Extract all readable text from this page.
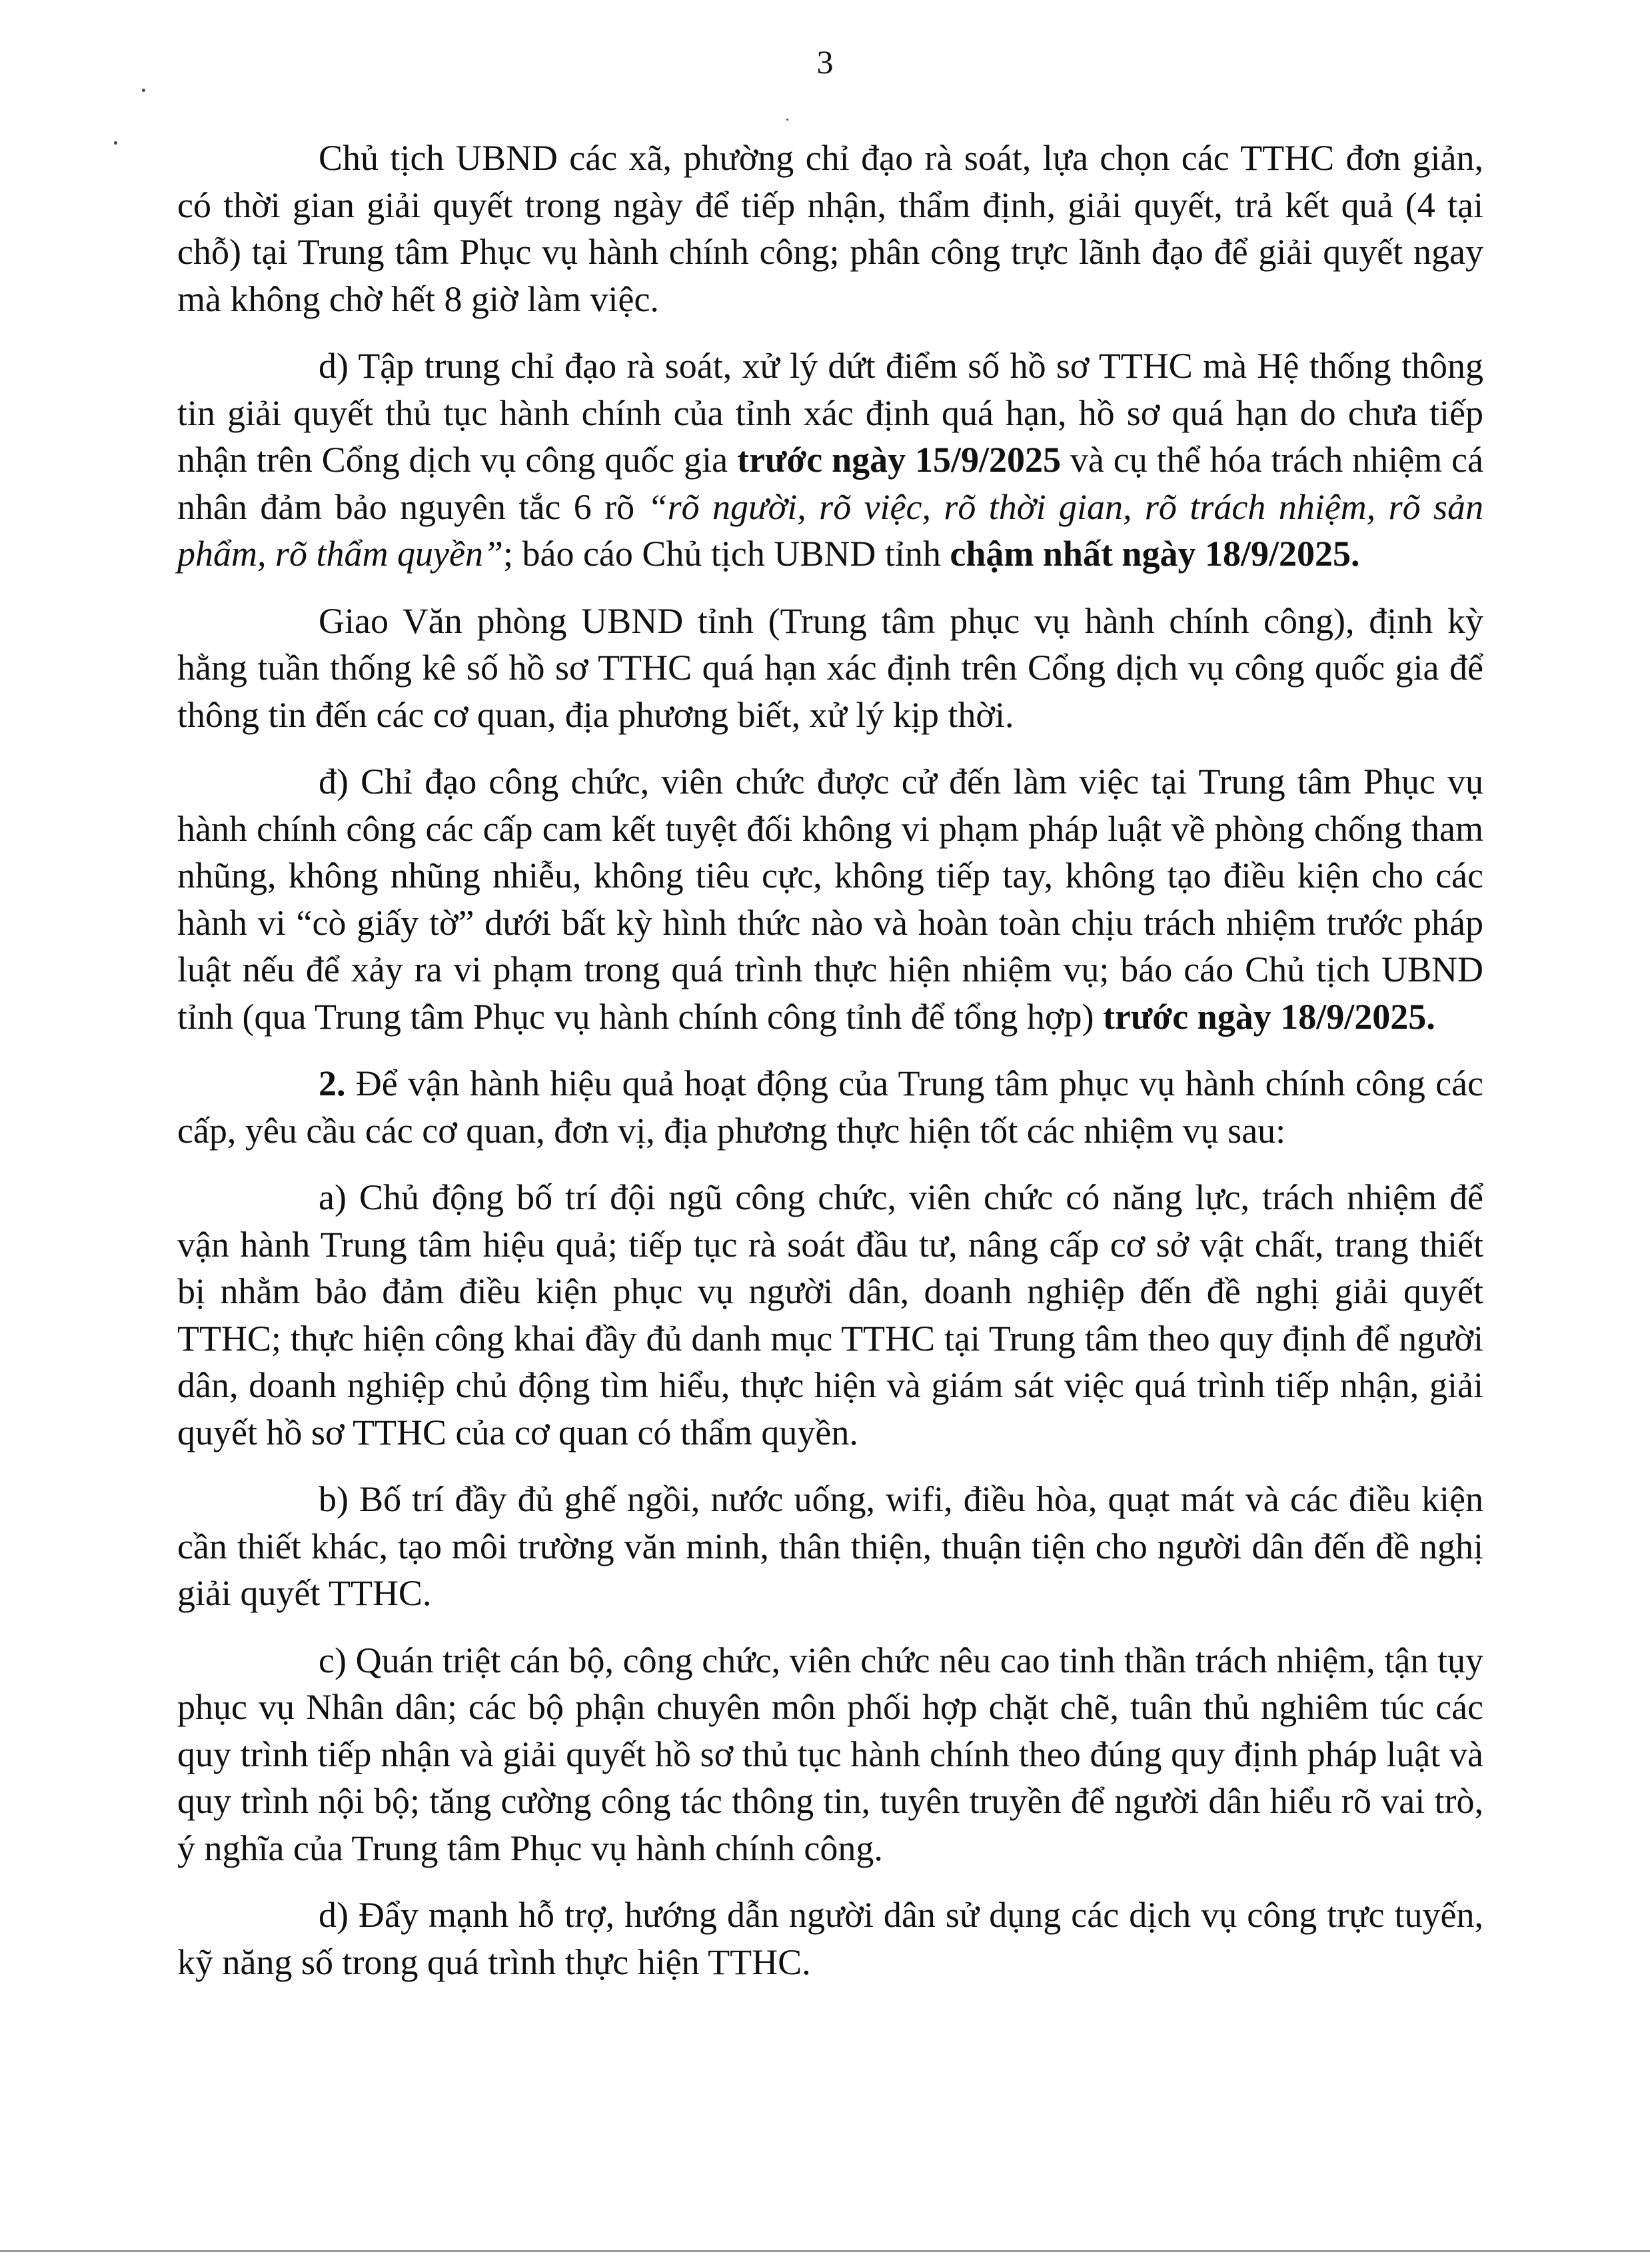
3

Chủ tịch UBND các xã, phường chỉ đạo rà soát, lựa chọn các TTHC đơn giản, có thời gian giải quyết trong ngày để tiếp nhận, thẩm định, giải quyết, trả kết quả (4 tại chỗ) tại Trung tâm Phục vụ hành chính công; phân công trực lãnh đạo để giải quyết ngay mà không chờ hết 8 giờ làm việc.

d) Tập trung chỉ đạo rà soát, xử lý dứt điểm số hồ sơ TTHC mà Hệ thống thông tin giải quyết thủ tục hành chính của tỉnh xác định quá hạn, hồ sơ quá hạn do chưa tiếp nhận trên Cổng dịch vụ công quốc gia trước ngày 15/9/2025 và cụ thể hóa trách nhiệm cá nhân đảm bảo nguyên tắc 6 rõ “rõ người, rõ việc, rõ thời gian, rõ trách nhiệm, rõ sản phẩm, rõ thẩm quyền”; báo cáo Chủ tịch UBND tỉnh chậm nhất ngày 18/9/2025.

Giao Văn phòng UBND tỉnh (Trung tâm phục vụ hành chính công), định kỳ hằng tuần thống kê số hồ sơ TTHC quá hạn xác định trên Cổng dịch vụ công quốc gia để thông tin đến các cơ quan, địa phương biết, xử lý kịp thời.

đ) Chỉ đạo công chức, viên chức được cử đến làm việc tại Trung tâm Phục vụ hành chính công các cấp cam kết tuyệt đối không vi phạm pháp luật về phòng chống tham nhũng, không nhũng nhiễu, không tiêu cực, không tiếp tay, không tạo điều kiện cho các hành vi “cò giấy tờ” dưới bất kỳ hình thức nào và hoàn toàn chịu trách nhiệm trước pháp luật nếu để xảy ra vi phạm trong quá trình thực hiện nhiệm vụ; báo cáo Chủ tịch UBND tỉnh (qua Trung tâm Phục vụ hành chính công tỉnh để tổng hợp) trước ngày 18/9/2025.

2. Để vận hành hiệu quả hoạt động của Trung tâm phục vụ hành chính công các cấp, yêu cầu các cơ quan, đơn vị, địa phương thực hiện tốt các nhiệm vụ sau:

a) Chủ động bố trí đội ngũ công chức, viên chức có năng lực, trách nhiệm để vận hành Trung tâm hiệu quả; tiếp tục rà soát đầu tư, nâng cấp cơ sở vật chất, trang thiết bị nhằm bảo đảm điều kiện phục vụ người dân, doanh nghiệp đến đề nghị giải quyết TTHC; thực hiện công khai đầy đủ danh mục TTHC tại Trung tâm theo quy định để người dân, doanh nghiệp chủ động tìm hiểu, thực hiện và giám sát việc quá trình tiếp nhận, giải quyết hồ sơ TTHC của cơ quan có thẩm quyền.

b) Bố trí đầy đủ ghế ngồi, nước uống, wifi, điều hòa, quạt mát và các điều kiện cần thiết khác, tạo môi trường văn minh, thân thiện, thuận tiện cho người dân đến đề nghị giải quyết TTHC.

c) Quán triệt cán bộ, công chức, viên chức nêu cao tinh thần trách nhiệm, tận tụy phục vụ Nhân dân; các bộ phận chuyên môn phối hợp chặt chẽ, tuân thủ nghiêm túc các quy trình tiếp nhận và giải quyết hồ sơ thủ tục hành chính theo đúng quy định pháp luật và quy trình nội bộ; tăng cường công tác thông tin, tuyên truyền để người dân hiểu rõ vai trò, ý nghĩa của Trung tâm Phục vụ hành chính công.

d) Đẩy mạnh hỗ trợ, hướng dẫn người dân sử dụng các dịch vụ công trực tuyến, kỹ năng số trong quá trình thực hiện TTHC.
